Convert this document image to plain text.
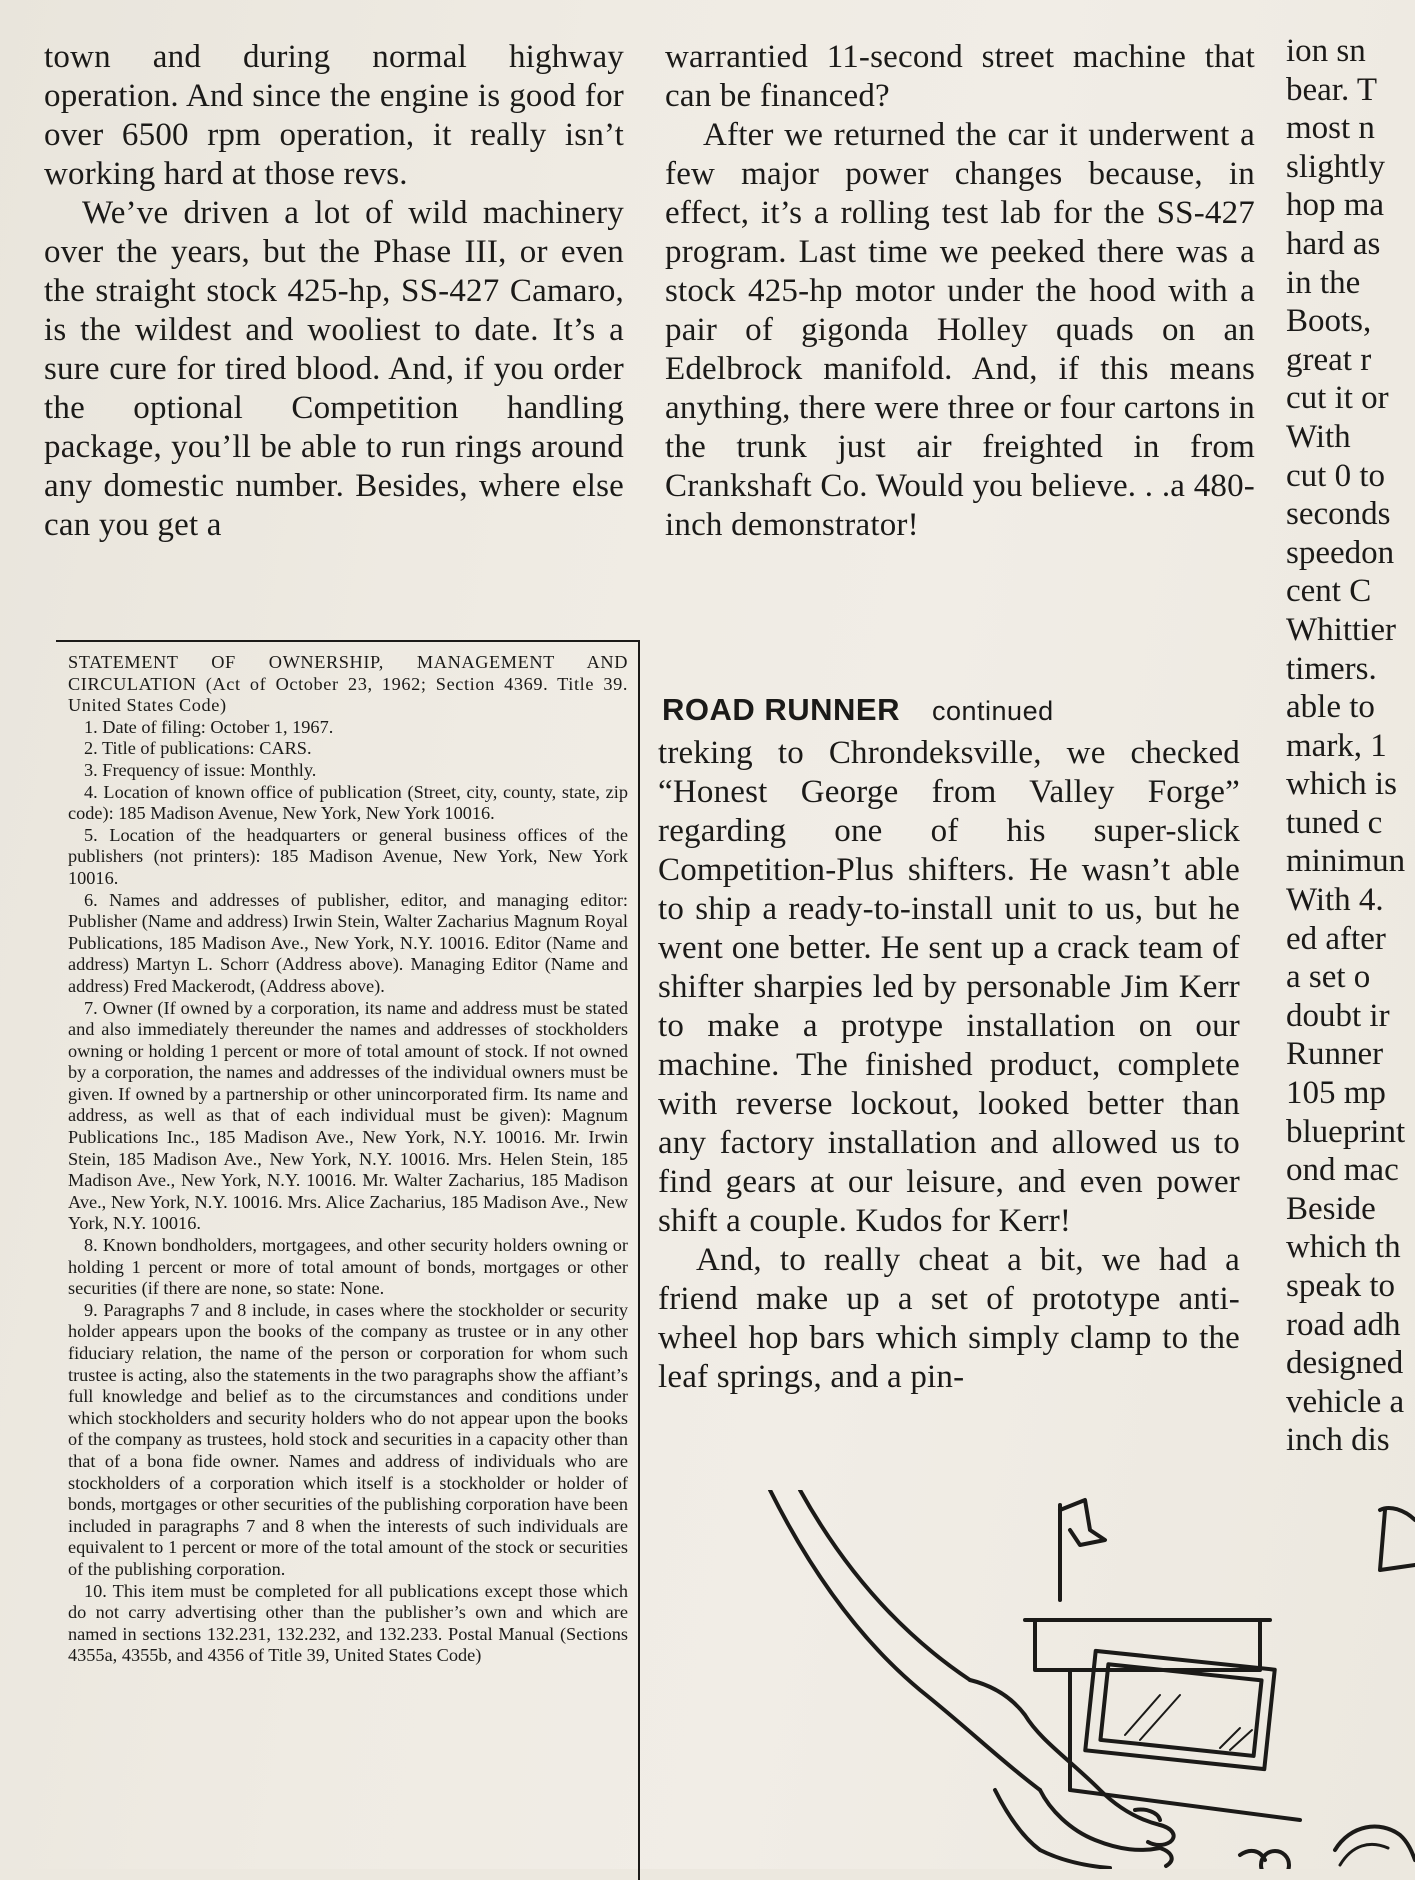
town and during normal highway operation. And since the engine is good for over 6500 rpm operation, it really isn’t working hard at those revs.

We’ve driven a lot of wild machinery over the years, but the Phase III, or even the straight stock 425-hp, SS-427 Camaro, is the wildest and wooliest to date. It’s a sure cure for tired blood. And, if you order the optional Competition handling package, you’ll be able to run rings around any domestic number. Besides, where else can you get a

STATEMENT OF OWNERSHIP, MANAGEMENT AND CIRCULATION (Act of October 23, 1962; Section 4369. Title 39. United States Code)

1. Date of filing: October 1, 1967.

2. Title of publications: CARS.

3. Frequency of issue: Monthly.

4. Location of known office of publication (Street, city, county, state, zip code): 185 Madison Avenue, New York, New York 10016.

5. Location of the headquarters or general business offices of the publishers (not printers): 185 Madison Avenue, New York, New York 10016.

6. Names and addresses of publisher, editor, and managing editor: Publisher (Name and address) Irwin Stein, Walter Zacharius Magnum Royal Publications, 185 Madison Ave., New York, N.Y. 10016. Editor (Name and address) Martyn L. Schorr (Address above). Managing Editor (Name and address) Fred Mackerodt, (Address above).

7. Owner (If owned by a corporation, its name and address must be stated and also immediately thereunder the names and addresses of stockholders owning or holding 1 percent or more of total amount of stock. If not owned by a corporation, the names and addresses of the individual owners must be given. If owned by a partnership or other unincorporated firm. Its name and address, as well as that of each individual must be given): Magnum Publications Inc., 185 Madison Ave., New York, N.Y. 10016. Mr. Irwin Stein, 185 Madison Ave., New York, N.Y. 10016. Mrs. Helen Stein, 185 Madison Ave., New York, N.Y. 10016. Mr. Walter Zacharius, 185 Madison Ave., New York, N.Y. 10016. Mrs. Alice Zacharius, 185 Madison Ave., New York, N.Y. 10016.

8. Known bondholders, mortgagees, and other security holders owning or holding 1 percent or more of total amount of bonds, mortgages or other securities (if there are none, so state: None.

9. Paragraphs 7 and 8 include, in cases where the stockholder or security holder appears upon the books of the company as trustee or in any other fiduciary relation, the name of the person or corporation for whom such trustee is acting, also the statements in the two paragraphs show the affiant’s full knowledge and belief as to the circumstances and conditions under which stockholders and security holders who do not appear upon the books of the company as trustees, hold stock and securities in a capacity other than that of a bona fide owner. Names and address of individuals who are stockholders of a corporation which itself is a stockholder or holder of bonds, mortgages or other securities of the publishing corporation have been included in paragraphs 7 and 8 when the interests of such individuals are equivalent to 1 percent or more of the total amount of the stock or securities of the publishing corporation.

10. This item must be completed for all publications except those which do not carry advertising other than the publisher’s own and which are named in sections 132.231, 132.232, and 132.233. Postal Manual (Sections 4355a, 4355b, and 4356 of Title 39, United States Code)

warrantied 11-second street machine that can be financed?

After we returned the car it underwent a few major power changes because, in effect, it’s a rolling test lab for the SS-427 program. Last time we peeked there was a stock 425-hp motor under the hood with a pair of gigonda Holley quads on an Edelbrock manifold. And, if this means anything, there were three or four cartons in the trunk just air freighted in from Crankshaft Co. Would you believe. . .a 480-inch demonstrator!

ROAD RUNNER continued

treking to Chrondeksville, we checked “Honest George from Valley Forge” regarding one of his super-slick Competition-Plus shifters. He wasn’t able to ship a ready-to-install unit to us, but he went one better. He sent up a crack team of shifter sharpies led by personable Jim Kerr to make a protype installation on our machine. The finished product, complete with reverse lockout, looked better than any factory installation and allowed us to find gears at our leisure, and even power shift a couple. Kudos for Kerr!

And, to really cheat a bit, we had a friend make up a set of prototype anti-wheel hop bars which simply clamp to the leaf springs, and a pin-

ion sn
bear. T
most n
slightly
hop ma
hard as
in the
Boots,
great r
cut it or
With
cut 0 to
seconds
speedon
cent C
Whittier
timers.
able to
mark, 1
which is
tuned c
minimun
With 4.
ed after
a set o
doubt ir
Runner
105 mp
blueprint
ond mac
Beside
which th
speak to
road adh
designed
vehicle a
inch dis
